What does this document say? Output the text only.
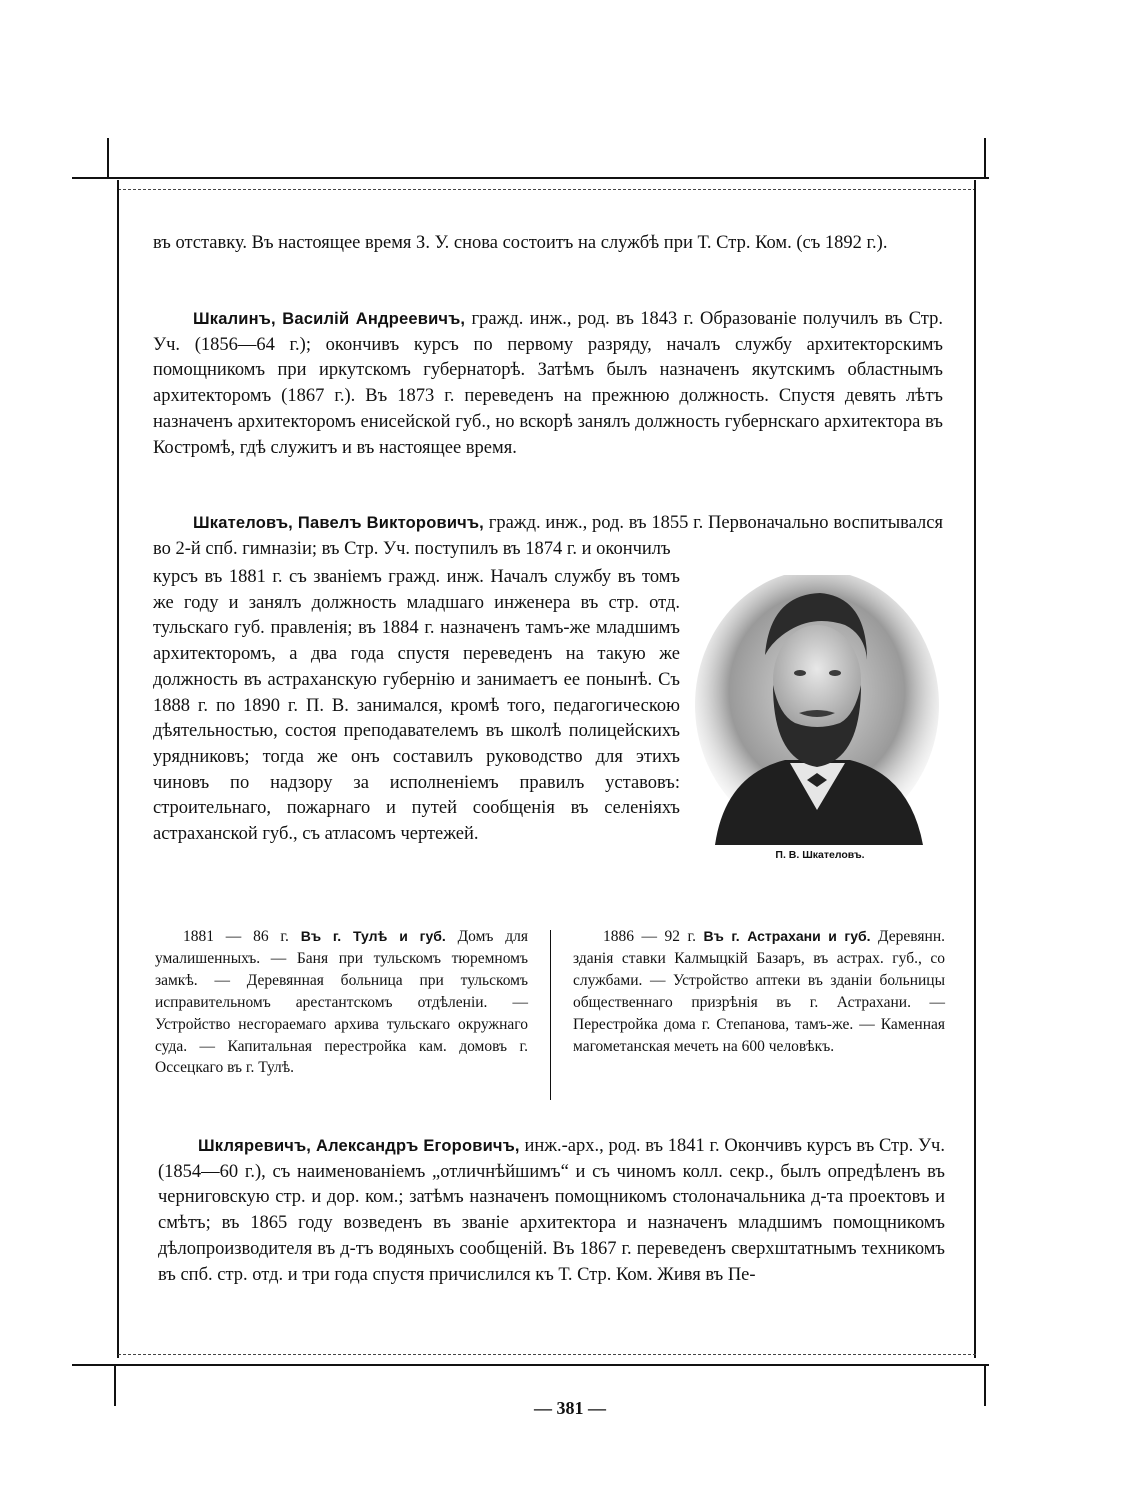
въ отставку. Въ настоящее время З. У. снова состоитъ на службѣ при Т. Стр. Ком. (съ 1892 г.).

Шкалинъ, Василій Андреевичъ, гражд. инж., род. въ 1843 г. Образованіе получилъ въ Стр. Уч. (1856—64 г.); окончивъ курсъ по первому разряду, началъ службу архитекторскимъ помощникомъ при иркутскомъ губернаторѣ. Затѣмъ былъ назначенъ якутскимъ областнымъ архитекторомъ (1867 г.). Въ 1873 г. переведенъ на прежнюю должность. Спустя девять лѣтъ назначенъ архитекторомъ енисейской губ., но вскорѣ занялъ должность губернскаго архитектора въ Костромѣ, гдѣ служитъ и въ настоящее время.

Шкателовъ, Павелъ Викторовичъ, гражд. инж., род. въ 1855 г. Первоначально воспитывался во 2-й спб. гимназіи; въ Стр. Уч. поступилъ въ 1874 г. и окончилъ

курсъ въ 1881 г. съ званіемъ гражд. инж. Началъ службу въ томъ же году и занялъ должность младшаго инженера въ стр. отд. тульскаго губ. правленія; въ 1884 г. назначенъ тамъ-же младшимъ архитекторомъ, а два года спустя переведенъ на такую же должность въ астраханскую губернію и занимаетъ ее понынѣ. Съ 1888 г. по 1890 г. П. В. занимался, кромѣ того, педагогическою дѣятельностью, состоя преподавателемъ въ школѣ полицейскихъ урядниковъ; тогда же онъ составилъ руководство для этихъ чиновъ по надзору за исполненіемъ правилъ уставовъ: строительнаго, пожарнаго и путей сообщенія въ селеніяхъ астраханской губ., съ атласомъ чертежей.

П. В. Шкателовъ.

1881 — 86 г. Въ г. Тулѣ и губ. Домъ для умалишенныхъ. — Баня при тульскомъ тюремномъ замкѣ. — Деревянная больница при тульскомъ исправительномъ арестантскомъ отдѣленіи. — Устройство несгораемаго архива тульскаго окружнаго суда. — Капитальная перестройка кам. домовъ г. Оссецкаго въ г. Тулѣ.

1886 — 92 г. Въ г. Астрахани и губ. Деревянн. зданія ставки Калмыцкій Базаръ, въ астрах. губ., со службами. — Устройство аптеки въ зданіи больницы общественнаго призрѣнія въ г. Астрахани. — Перестройка дома г. Степанова, тамъ-же. — Каменная магометанская мечеть на 600 человѣкъ.

Шкляревичъ, Александръ Егоровичъ, инж.-арх., род. въ 1841 г. Окончивъ курсъ въ Стр. Уч. (1854—60 г.), съ наименованіемъ „отличнѣйшимъ“ и съ чиномъ колл. секр., былъ опредѣленъ въ черниговскую стр. и дор. ком.; затѣмъ назначенъ помощникомъ столоначальника д-та проектовъ и смѣтъ; въ 1865 году возведенъ въ званіе архитектора и назначенъ младшимъ помощникомъ дѣлопроизводителя въ д-тъ водяныхъ сообщеній. Въ 1867 г. переведенъ сверхштатнымъ техникомъ въ спб. стр. отд. и три года спустя причислился къ Т. Стр. Ком. Живя въ Пе-

— 381 —
